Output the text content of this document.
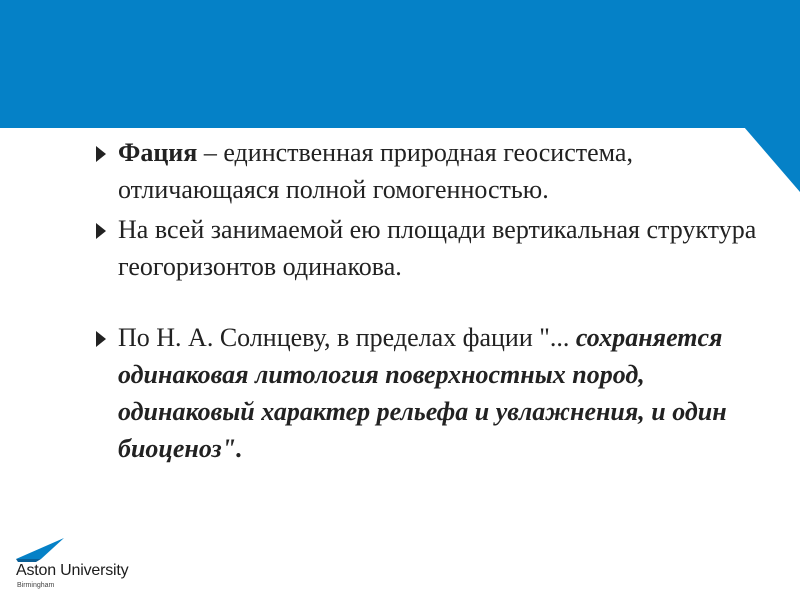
Фация – единственная природная геосистема, отличающаяся полной гомогенностью.
На всей занимаемой ею площади вертикальная структура геогоризонтов одинакова.
По Н. А. Солнцеву, в пределах фации "... сохраняется одинаковая литология поверхностных пород, одинаковый характер рельефа и увлажнения, и один биоценоз".
Aston University
Birmingham
